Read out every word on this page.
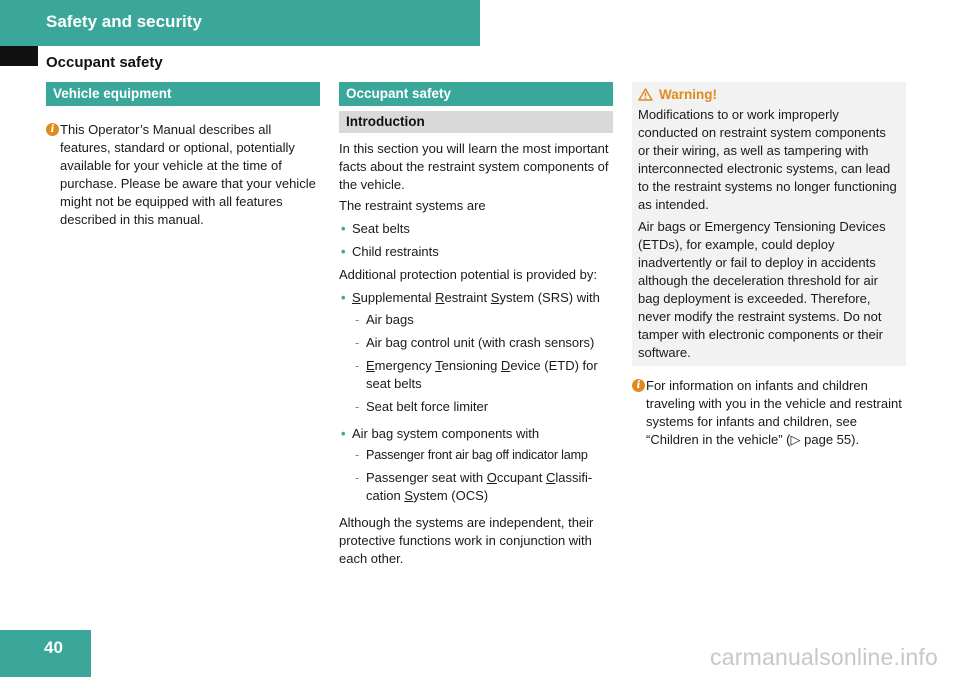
Safety and security
Occupant safety
Vehicle equipment
i This Operator’s Manual describes all features, standard or optional, potentially available for your vehicle at the time of purchase. Please be aware that your vehicle might not be equipped with all features described in this manual.

Occupant safety
Introduction

In this section you will learn the most important facts about the restraint system components of the vehicle.

The restraint systems are

• Seat belts
• Child restraints

Additional protection potential is provided by:

• Supplemental Restraint System (SRS) with
- Air bags
- Air bag control unit (with crash sensors)
- Emergency Tensioning Device (ETD) for seat belts
- Seat belt force limiter
• Air bag system components with
- Passenger front air bag off indicator lamp
- Passenger seat with Occupant Classifi-
cation System (OCS)

Although the systems are independent, their protective functions work in conjunction with each other.

Warning!

Modifications to or work improperly conducted on restraint system components or their wiring, as well as tampering with interconnected electronic systems, can lead to the restraint systems no longer functioning as intended.

Air bags or Emergency Tensioning Devices (ETDs), for example, could deploy inadvertently or fail to deploy in accidents although the deceleration threshold for air bag deployment is exceeded. Therefore, never modify the restraint systems. Do not tamper with electronic components or their software.

i For information on infants and children traveling with you in the vehicle and restraint systems for infants and children, see “Children in the vehicle” (▷ page 55).

40	carmanualsonline.info
